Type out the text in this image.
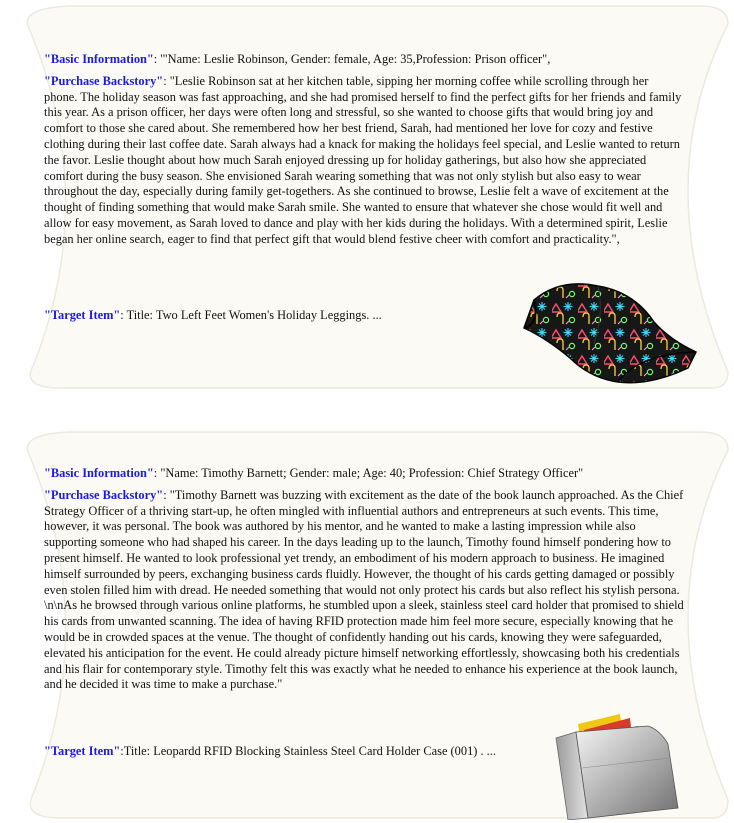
"Basic Information": '"Name: Leslie Robinson, Gender: female, Age: 35,Profession: Prison officer",

"Purchase Backstory": "Leslie Robinson sat at her kitchen table, sipping her morning coffee while scrolling through her phone. The holiday season was fast approaching, and she had promised herself to find the perfect gifts for her friends and family this year. As a prison officer, her days were often long and stressful, so she wanted to choose gifts that would bring joy and comfort to those she cared about. She remembered how her best friend, Sarah, had mentioned her love for cozy and festive clothing during their last coffee date. Sarah always had a knack for making the holidays feel special, and Leslie wanted to return the favor. Leslie thought about how much Sarah enjoyed dressing up for holiday gatherings, but also how she appreciated comfort during the busy season. She envisioned Sarah wearing something that was not only stylish but also easy to wear throughout the day, especially during family get-togethers. As she continued to browse, Leslie felt a wave of excitement at the thought of finding something that would make Sarah smile. She wanted to ensure that whatever she chose would fit well and allow for easy movement, as Sarah loved to dance and play with her kids during the holidays. With a determined spirit, Leslie began her online search, eager to find that perfect gift that would blend festive cheer with comfort and practicality.",

"Target Item": Title: Two Left Feet Women's Holiday Leggings. ...

"Basic Information": "Name: Timothy Barnett; Gender: male; Age: 40; Profession: Chief Strategy Officer"

"Purchase Backstory": "Timothy Barnett was buzzing with excitement as the date of the book launch approached. As the Chief Strategy Officer of a thriving start-up, he often mingled with influential authors and entrepreneurs at such events. This time, however, it was personal. The book was authored by his mentor, and he wanted to make a lasting impression while also supporting someone who had shaped his career. In the days leading up to the launch, Timothy found himself pondering how to present himself. He wanted to look professional yet trendy, an embodiment of his modern approach to business. He imagined himself surrounded by peers, exchanging business cards fluidly. However, the thought of his cards getting damaged or possibly even stolen filled him with dread. He needed something that would not only protect his cards but also reflect his stylish persona. \n\nAs he browsed through various online platforms, he stumbled upon a sleek, stainless steel card holder that promised to shield his cards from unwanted scanning. The idea of having RFID protection made him feel more secure, especially knowing that he would be in crowded spaces at the venue. The thought of confidently handing out his cards, knowing they were safeguarded, elevated his anticipation for the event. He could already picture himself networking effortlessly, showcasing both his credentials and his flair for contemporary style. Timothy felt this was exactly what he needed to enhance his experience at the book launch, and he decided it was time to make a purchase."

"Target Item":Title: Leopardd RFID Blocking Stainless Steel Card Holder Case (001) . ...
